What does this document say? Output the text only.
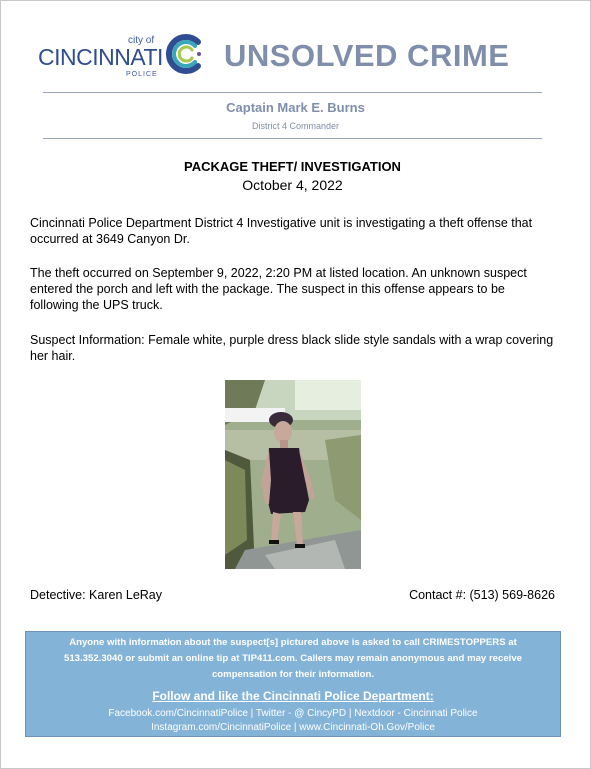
city of
CINCINNATI
POLICE
UNSOLVED CRIME
Captain Mark E. Burns
District 4 Commander
PACKAGE THEFT/ INVESTIGATION
October 4, 2022
Cincinnati Police Department District 4 Investigative unit is investigating a theft offense that
occurred at 3649 Canyon Dr.
The theft occurred on September 9, 2022, 2:20 PM at listed location. An unknown suspect
entered the porch and left with the package. The suspect in this offense appears to be
following the UPS truck.
Suspect Information: Female white, purple dress black slide style sandals with a wrap covering
her hair.
Detective: Karen LeRay	Contact #: (513) 569-8626
Anyone with information about the suspect[s] pictured above is asked to call CRIMESTOPPERS at
513.352.3040 or submit an online tip at TIP411.com. Callers may remain anonymous and may receive
compensation for their information.
Follow and like the Cincinnati Police Department:
Facebook.com/CincinnatiPolice | Twitter - @ CincyPD | Nextdoor - Cincinnati Police
Instagram.com/CincinnatiPolice | www.Cincinnati-Oh.Gov/Police
